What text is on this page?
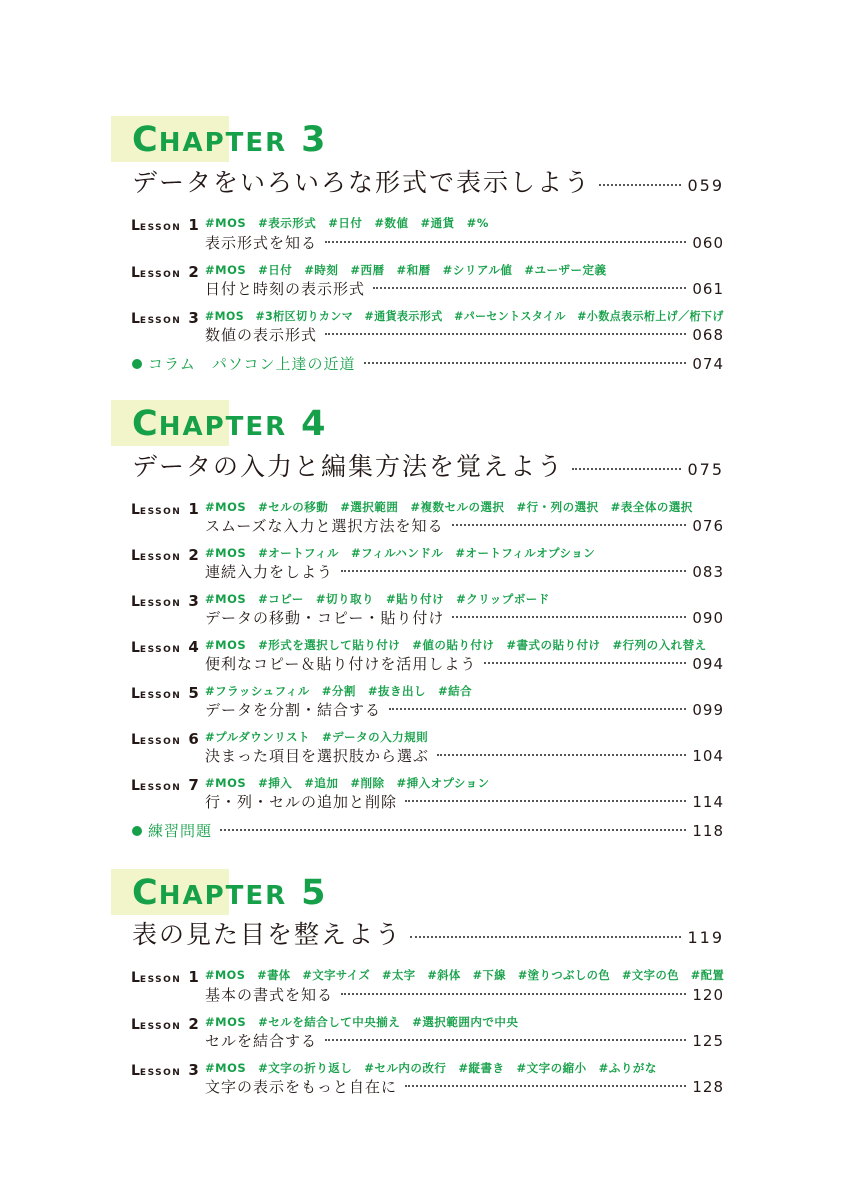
CHAPTER 3
データをいろいろな形式で表示しよう	059
LESSON 1 #MOS　#表示形式　#日付　#数値　#通貨　#%
表示形式を知る	060
LESSON 2 #MOS　#日付　#時刻　#西暦　#和暦　#シリアル値　#ユーザー定義
日付と時刻の表示形式	061
LESSON 3 #MOS　#3桁区切りカンマ　#通貨表示形式　#パーセントスタイル　#小数点表示桁上げ／桁下げ
数値の表示形式	068
コラム　パソコン上達の近道	074
CHAPTER 4
データの入力と編集方法を覚えよう	075
LESSON 1 #MOS　#セルの移動　#選択範囲　#複数セルの選択　#行・列の選択　#表全体の選択
スムーズな入力と選択方法を知る	076
LESSON 2 #MOS　#オートフィル　#フィルハンドル　#オートフィルオプション
連続入力をしよう	083
LESSON 3 #MOS　#コピー　#切り取り　#貼り付け　#クリップボード
データの移動・コピー・貼り付け	090
LESSON 4 #MOS　#形式を選択して貼り付け　#値の貼り付け　#書式の貼り付け　#行列の入れ替え
便利なコピー＆貼り付けを活用しよう	094
LESSON 5 #フラッシュフィル　#分割　#抜き出し　#結合
データを分割・結合する	099
LESSON 6 #プルダウンリスト　#データの入力規則
決まった項目を選択肢から選ぶ	104
LESSON 7 #MOS　#挿入　#追加　#削除　#挿入オプション
行・列・セルの追加と削除	114
練習問題	118
CHAPTER 5
表の見た目を整えよう	119
LESSON 1 #MOS　#書体　#文字サイズ　#太字　#斜体　#下線　#塗りつぶしの色　#文字の色　#配置
基本の書式を知る	120
LESSON 2 #MOS　#セルを結合して中央揃え　#選択範囲内で中央
セルを結合する	125
LESSON 3 #MOS　#文字の折り返し　#セル内の改行　#縦書き　#文字の縮小　#ふりがな
文字の表示をもっと自在に	128
